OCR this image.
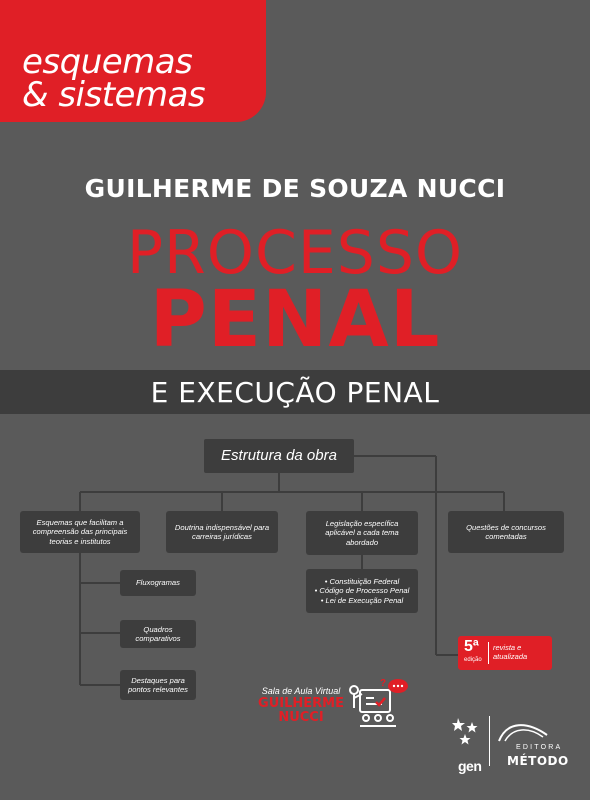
esquemas
& sistemas
GUILHERME DE SOUZA NUCCI
PROCESSO
PENAL
E EXECUÇÃO PENAL
Estrutura da obra
Esquemas que facilitam a compreensão das principais teorias e institutos
Doutrina indispensável para carreiras jurídicas
Legislação específica aplicável a cada tema abordado
Questões de concursos comentadas
Fluxogramas
Quadros comparativos
Destaques para pontos relevantes
• Constituição Federal
• Código de Processo Penal
• Lei de Execução Penal
5ª
edição
revista e
atualizada
Sala de Aula Virtual
GUILHERME
NUCCI
?
gen
EDITORA
MÉTODO
